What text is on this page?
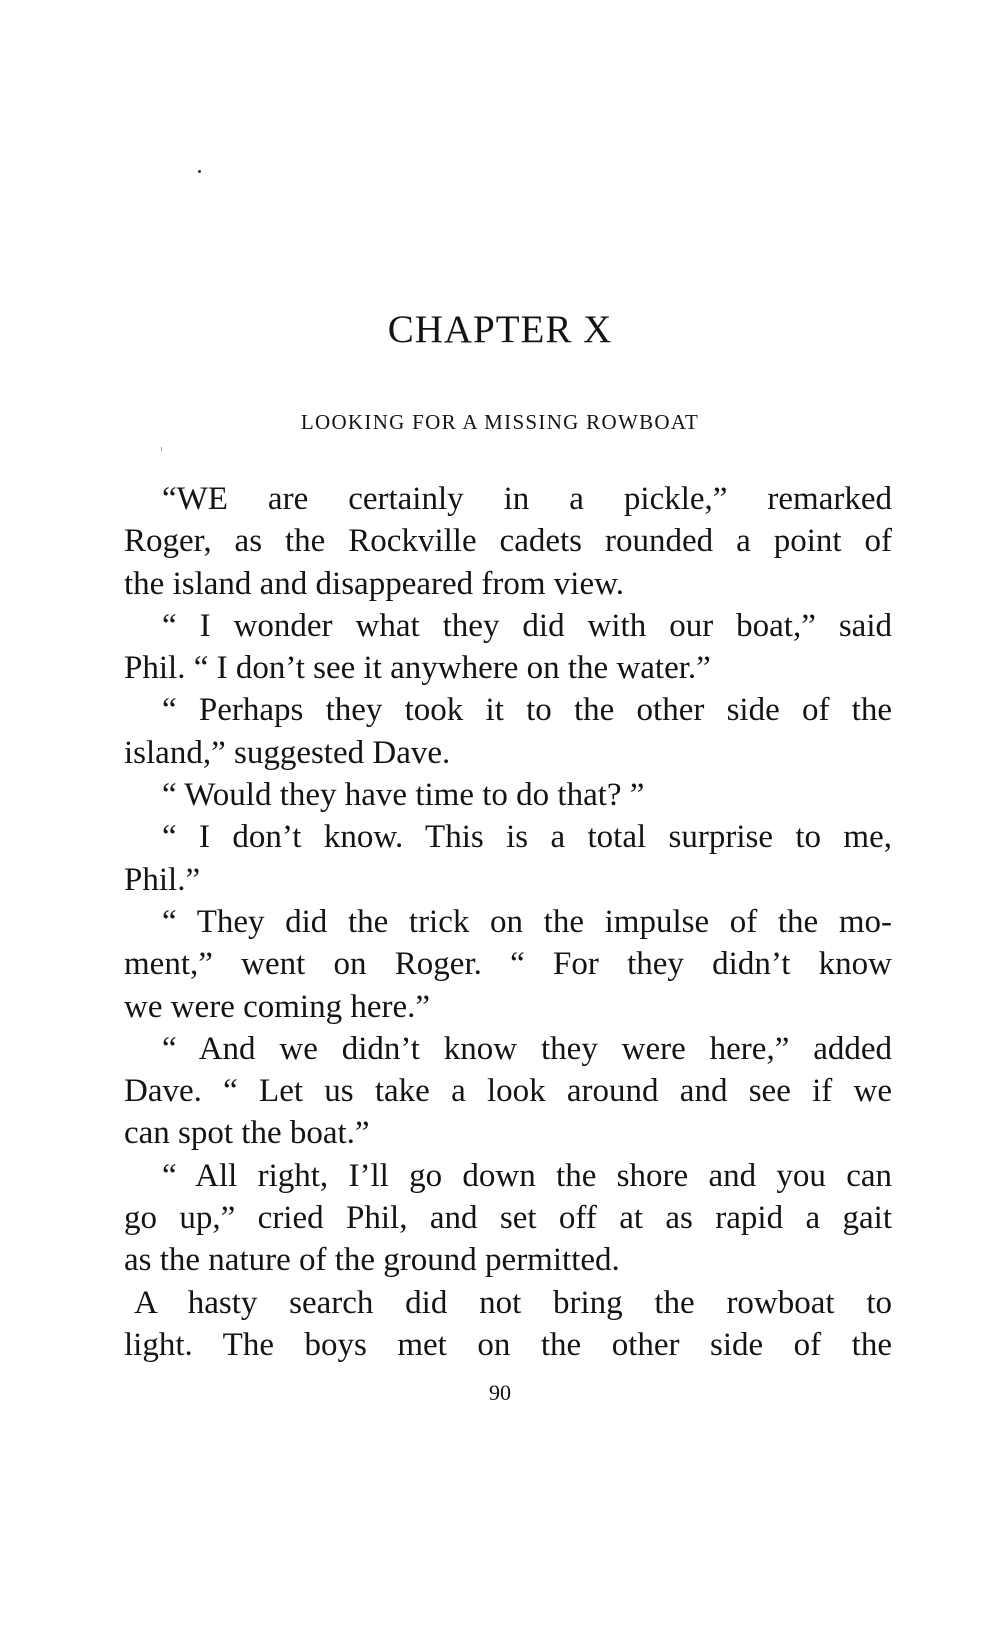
CHAPTER X
LOOKING FOR A MISSING ROWBOAT
“WE are certainly in a pickle,” remarked
Roger, as the Rockville cadets rounded a point of
the island and disappeared from view.
“ I wonder what they did with our boat,” said
Phil. “ I don’t see it anywhere on the water.”
“ Perhaps they took it to the other side of the
island,” suggested Dave.
“ Would they have time to do that? ”
“ I don’t know. This is a total surprise to me,
Phil.”
“ They did the trick on the impulse of the mo-
ment,” went on Roger. “ For they didn’t know
we were coming here.”
“ And we didn’t know they were here,” added
Dave. “ Let us take a look around and see if we
can spot the boat.”
“ All right, I’ll go down the shore and you can
go up,” cried Phil, and set off at as rapid a gait
as the nature of the ground permitted.
A hasty search did not bring the rowboat to
light. The boys met on the other side of the
90
